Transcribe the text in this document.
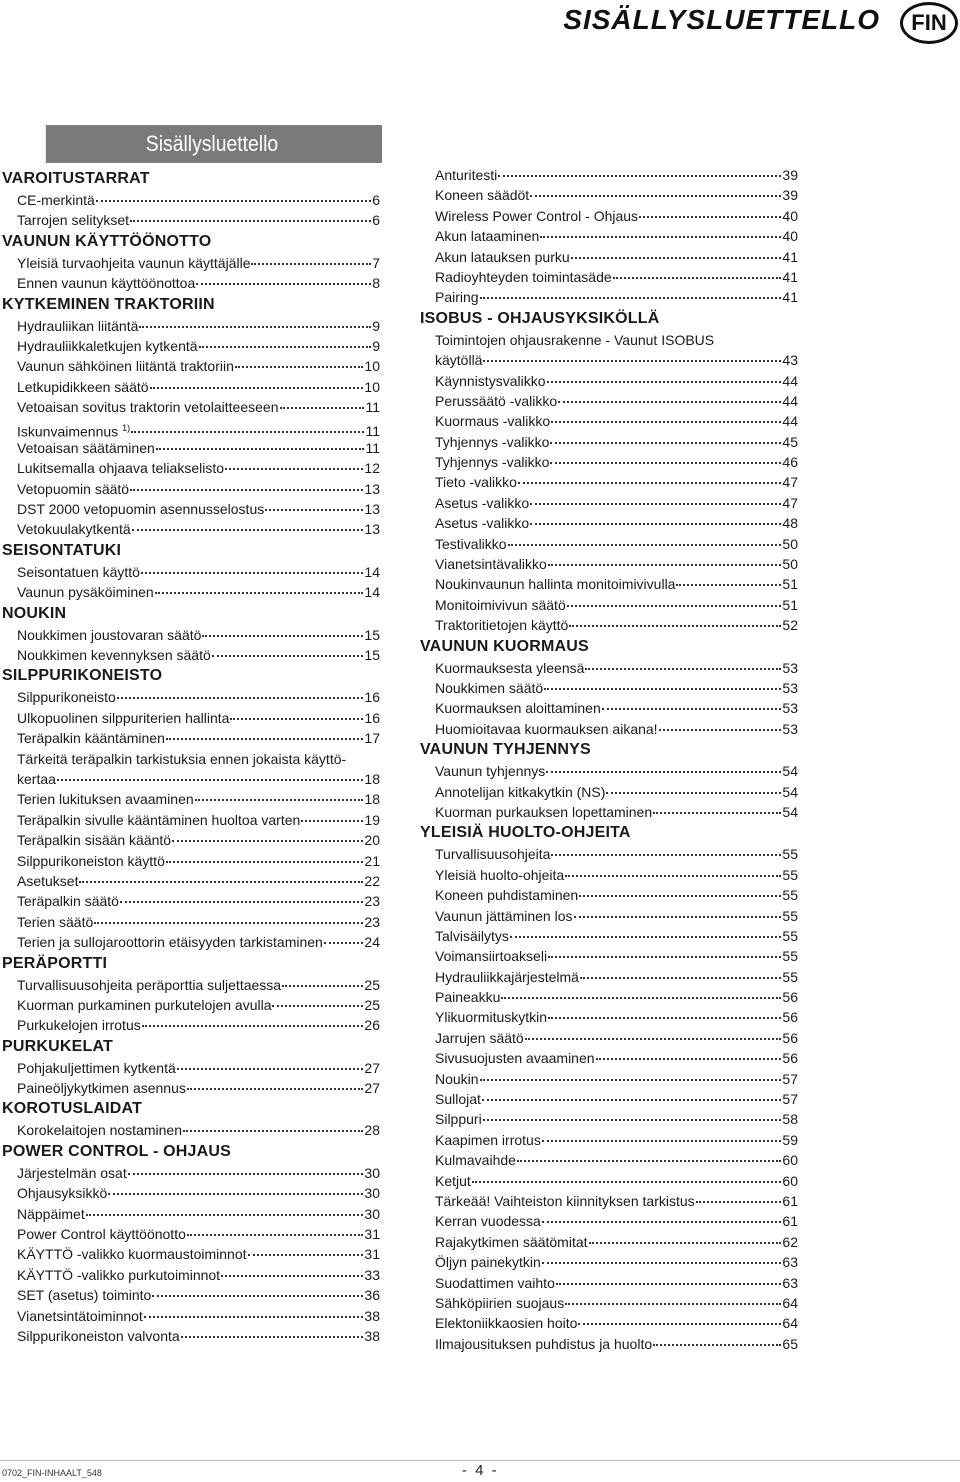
SISÄLLYSLUETTELLO	FIN
Sisällysluettello
VAROITUSTARRAT
CE-merkintä	6
Tarrojen selitykset	6
VAUNUN KÄYTTÖÖNOTTO
Yleisiä turvaohjeita vaunun käyttäjälle	7
Ennen vaunun käyttöönottoa	8
KYTKEMINEN TRAKTORIIN
Hydrauliikan liitäntä	9
Hydrauliikkaletkujen kytkentä	9
Vaunun sähköinen liitäntä traktoriin	10
Letkupidikkeen säätö	10
Vetoaisan sovitus traktorin vetolaitteeseen	11
Iskunvaimennus $^{1)}$	11
Vetoaisan säätäminen	11
Lukitsemalla ohjaava teliakselisto	12
Vetopuomin säätö	13
DST 2000 vetopuomin asennusselostus	13
Vetokuulakytkentä	13
SEISONTATUKI
Seisontatuen käyttö	14
Vaunun pysäköiminen	14
NOUKIN
Noukkimen joustovaran säätö	15
Noukkimen kevennyksen säätö	15
SILPPURIKONEISTO
Silppurikoneisto	16
Ulkopuolinen silppuriterien hallinta	16
Teräpalkin kääntäminen	17
Tärkeitä teräpalkin tarkistuksia ennen jokaista käyttö-
kertaa	18
Terien lukituksen avaaminen	18
Teräpalkin sivulle kääntäminen huoltoa varten	19
Teräpalkin sisään kääntö	20
Silppurikoneiston käyttö	21
Asetukset	22
Teräpalkin säätö	23
Terien säätö	23
Terien ja sullojaroottorin etäisyyden tarkistaminen	24
PERÄPORTTI
Turvallisuusohjeita peräporttia suljettaessa	25
Kuorman purkaminen purkutelojen avulla	25
Purkukelojen irrotus	26
PURKUKELAT
Pohjakuljettimen kytkentä	27
Paineöljykytkimen asennus	27
KOROTUSLAIDAT
Korokelaitojen nostaminen	28
POWER CONTROL - OHJAUS
Järjestelmän osat	30
Ohjausyksikkö	30
Näppäimet	30
Power Control käyttöönotto	31
KÄYTTÖ -valikko kuormaustoiminnot	31
KÄYTTÖ -valikko purkutoiminnot	33
SET (asetus) toiminto	36
Vianetsintätoiminnot	38
Silppurikoneiston valvonta	38
Anturitesti	39
Koneen säädöt	39
Wireless Power Control - Ohjaus	40
Akun lataaminen	40
Akun latauksen purku	41
Radioyhteyden toimintasäde	41
Pairing	41
ISOBUS - OHJAUSYKSIKÖLLÄ
Toimintojen ohjausrakenne - Vaunut ISOBUS
käytöllä	43
Käynnistysvalikko	44
Perussäätö -valikko	44
Kuormaus -valikko	44
Tyhjennys -valikko	45
Tyhjennys -valikko	46
Tieto -valikko	47
Asetus -valikko	47
Asetus -valikko	48
Testivalikko	50
Vianetsintävalikko	50
Noukinvaunun hallinta monitoimivivulla	51
Monitoimivivun säätö	51
Traktoritietojen käyttö	52
VAUNUN KUORMAUS
Kuormauksesta yleensä	53
Noukkimen säätö	53
Kuormauksen aloittaminen	53
Huomioitavaa kuormauksen aikana!	53
VAUNUN TYHJENNYS
Vaunun tyhjennys	54
Annotelijan kitkakytkin (NS)	54
Kuorman purkauksen lopettaminen	54
YLEISIÄ HUOLTO-OHJEITA
Turvallisuusohjeita	55
Yleisiä huolto-ohjeita	55
Koneen puhdistaminen	55
Vaunun jättäminen los	55
Talvisäilytys	55
Voimansiirtoakseli	55
Hydrauliikkajärjestelmä	55
Paineakku	56
Ylikuormituskytkin	56
Jarrujen säätö	56
Sivusuojusten avaaminen	56
Noukin	57
Sullojat	57
Silppuri	58
Kaapimen irrotus	59
Kulmavaihde	60
Ketjut	60
Tärkeää! Vaihteiston kiinnityksen tarkistus	61
Kerran vuodessa	61
Rajakytkimen säätömitat	62
Öljyn painekytkin	63
Suodattimen vaihto	63
Sähköpiirien suojaus	64
Elektoniikkaosien hoito	64
Ilmajousituksen puhdistus ja huolto	65
0702_FIN-INHAALT_548	- 4 -
